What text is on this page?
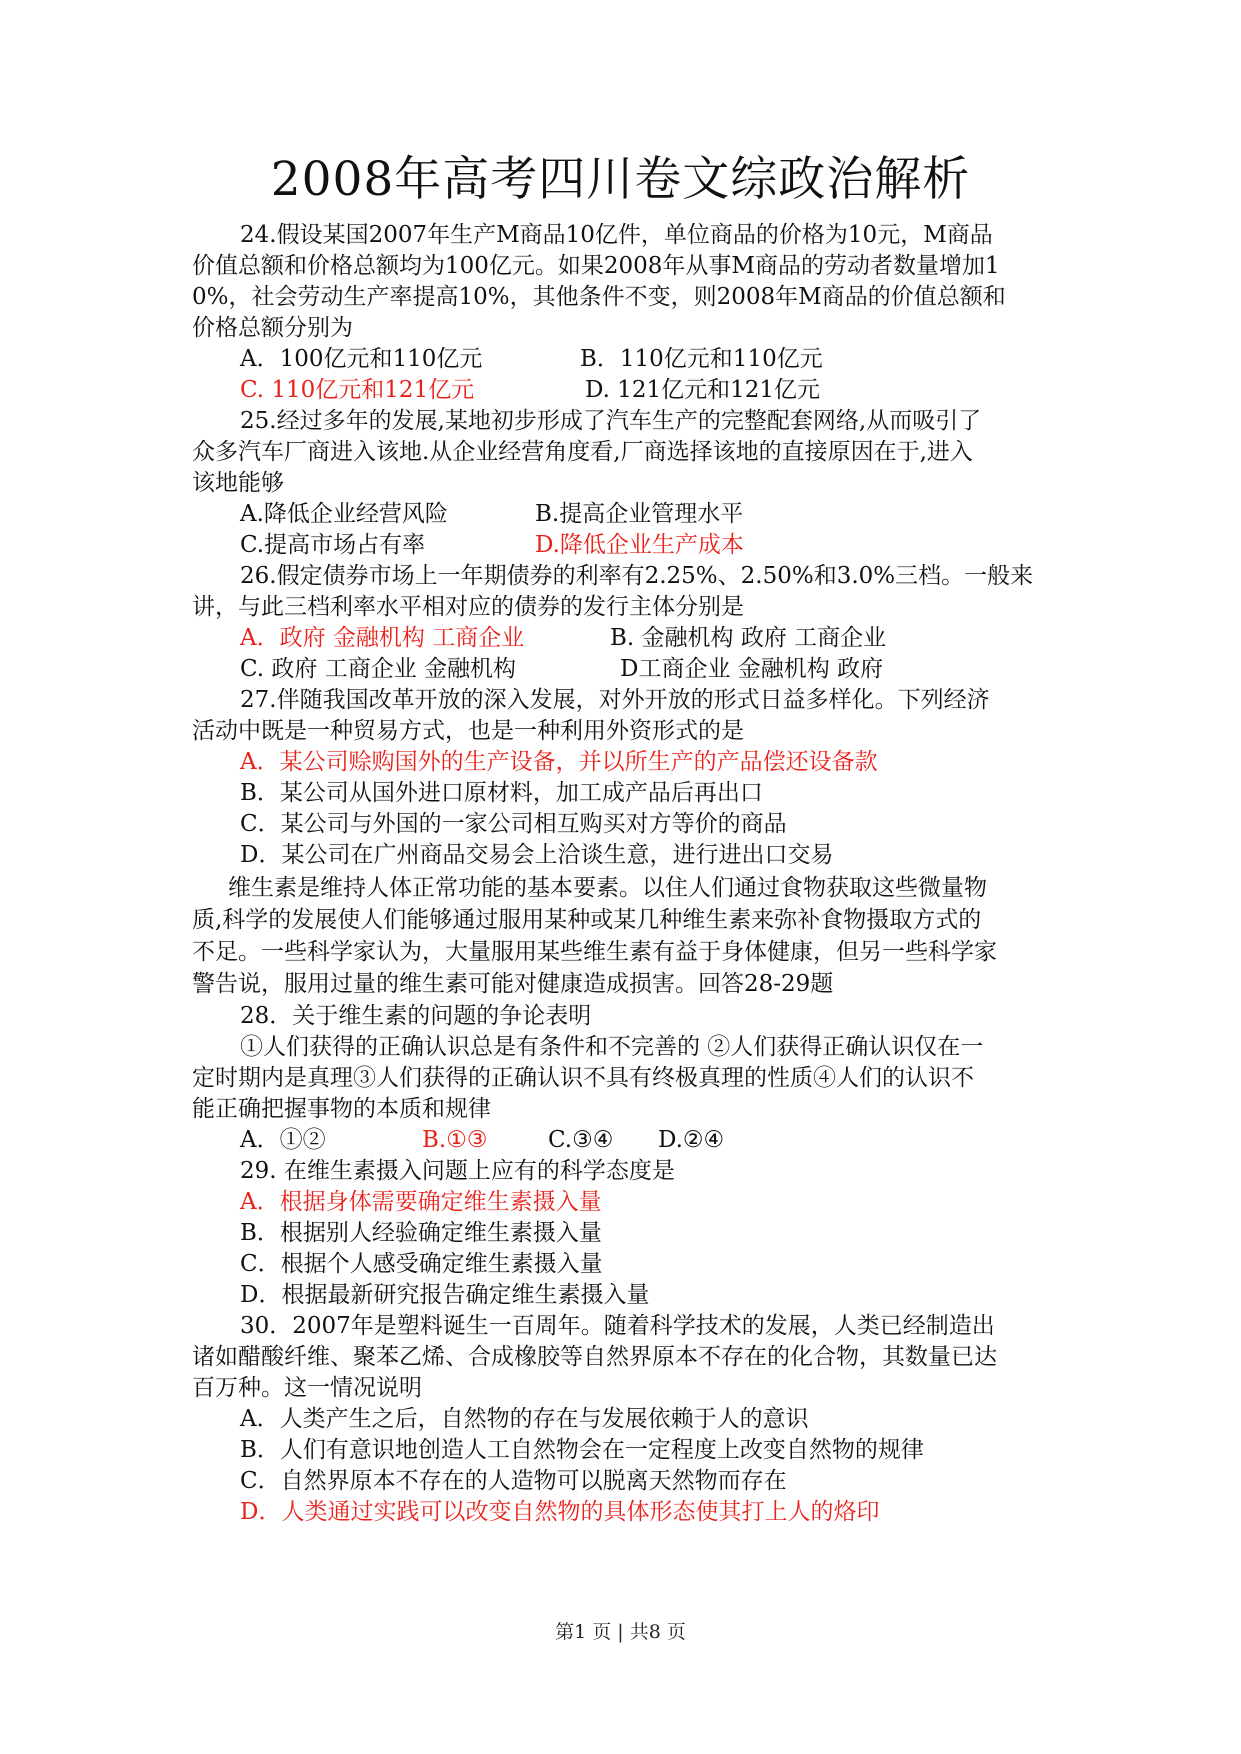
2008年高考四川卷文综政治解析

24.假设某国2007年生产M商品10亿件，单位商品的价格为10元，M商品

价值总额和价格总额均为100亿元。如果2008年从事M商品的劳动者数量增加1

0%，社会劳动生产率提高10%，其他条件不变，则2008年M商品的价值总额和

价格总额分别为

A．100亿元和110亿元	B．110亿元和110亿元

C. 110亿元和121亿元	D. 121亿元和121亿元

25.经过多年的发展,某地初步形成了汽车生产的完整配套网络,从而吸引了

众多汽车厂商进入该地.从企业经营角度看,厂商选择该地的直接原因在于,进入

该地能够

A.降低企业经营风险	B.提高企业管理水平

C.提高市场占有率	D.降低企业生产成本

26.假定债券市场上一年期债券的利率有2.25%、2.50%和3.0%三档。一般来

讲，与此三档利率水平相对应的债券的发行主体分别是

A．政府 金融机构 工商企业	B. 金融机构 政府 工商企业

C. 政府 工商企业 金融机构	D工商企业 金融机构 政府

27.伴随我国改革开放的深入发展，对外开放的形式日益多样化。下列经济

活动中既是一种贸易方式，也是一种利用外资形式的是

A．某公司赊购国外的生产设备，并以所生产的产品偿还设备款

B．某公司从国外进口原材料，加工成产品后再出口

C．某公司与外国的一家公司相互购买对方等价的商品

D．某公司在广州商品交易会上洽谈生意，进行进出口交易

维生素是维持人体正常功能的基本要素。以住人们通过食物获取这些微量物

质,科学的发展使人们能够通过服用某种或某几种维生素来弥补食物摄取方式的

不足。一些科学家认为，大量服用某些维生素有益于身体健康，但另一些科学家

警告说，服用过量的维生素可能对健康造成损害。回答28-29题

28．关于维生素的问题的争论表明

①人们获得的正确认识总是有条件和不完善的 ②人们获得正确认识仅在一

定时期内是真理③人们获得的正确认识不具有终极真理的性质④人们的认识不

能正确把握事物的本质和规律

A．①②	B.①③	C.③④	D.②④

29. 在维生素摄入问题上应有的科学态度是

A．根据身体需要确定维生素摄入量

B．根据别人经验确定维生素摄入量

C．根据个人感受确定维生素摄入量

D．根据最新研究报告确定维生素摄入量

30．2007年是塑料诞生一百周年。随着科学技术的发展，人类已经制造出

诸如醋酸纤维、聚苯乙烯、合成橡胶等自然界原本不存在的化合物，其数量已达

百万种。这一情况说明

A．人类产生之后，自然物的存在与发展依赖于人的意识

B．人们有意识地创造人工自然物会在一定程度上改变自然物的规律

C．自然界原本不存在的人造物可以脱离天然物而存在

D．人类通过实践可以改变自然物的具体形态使其打上人的烙印

第1 页 | 共8 页
